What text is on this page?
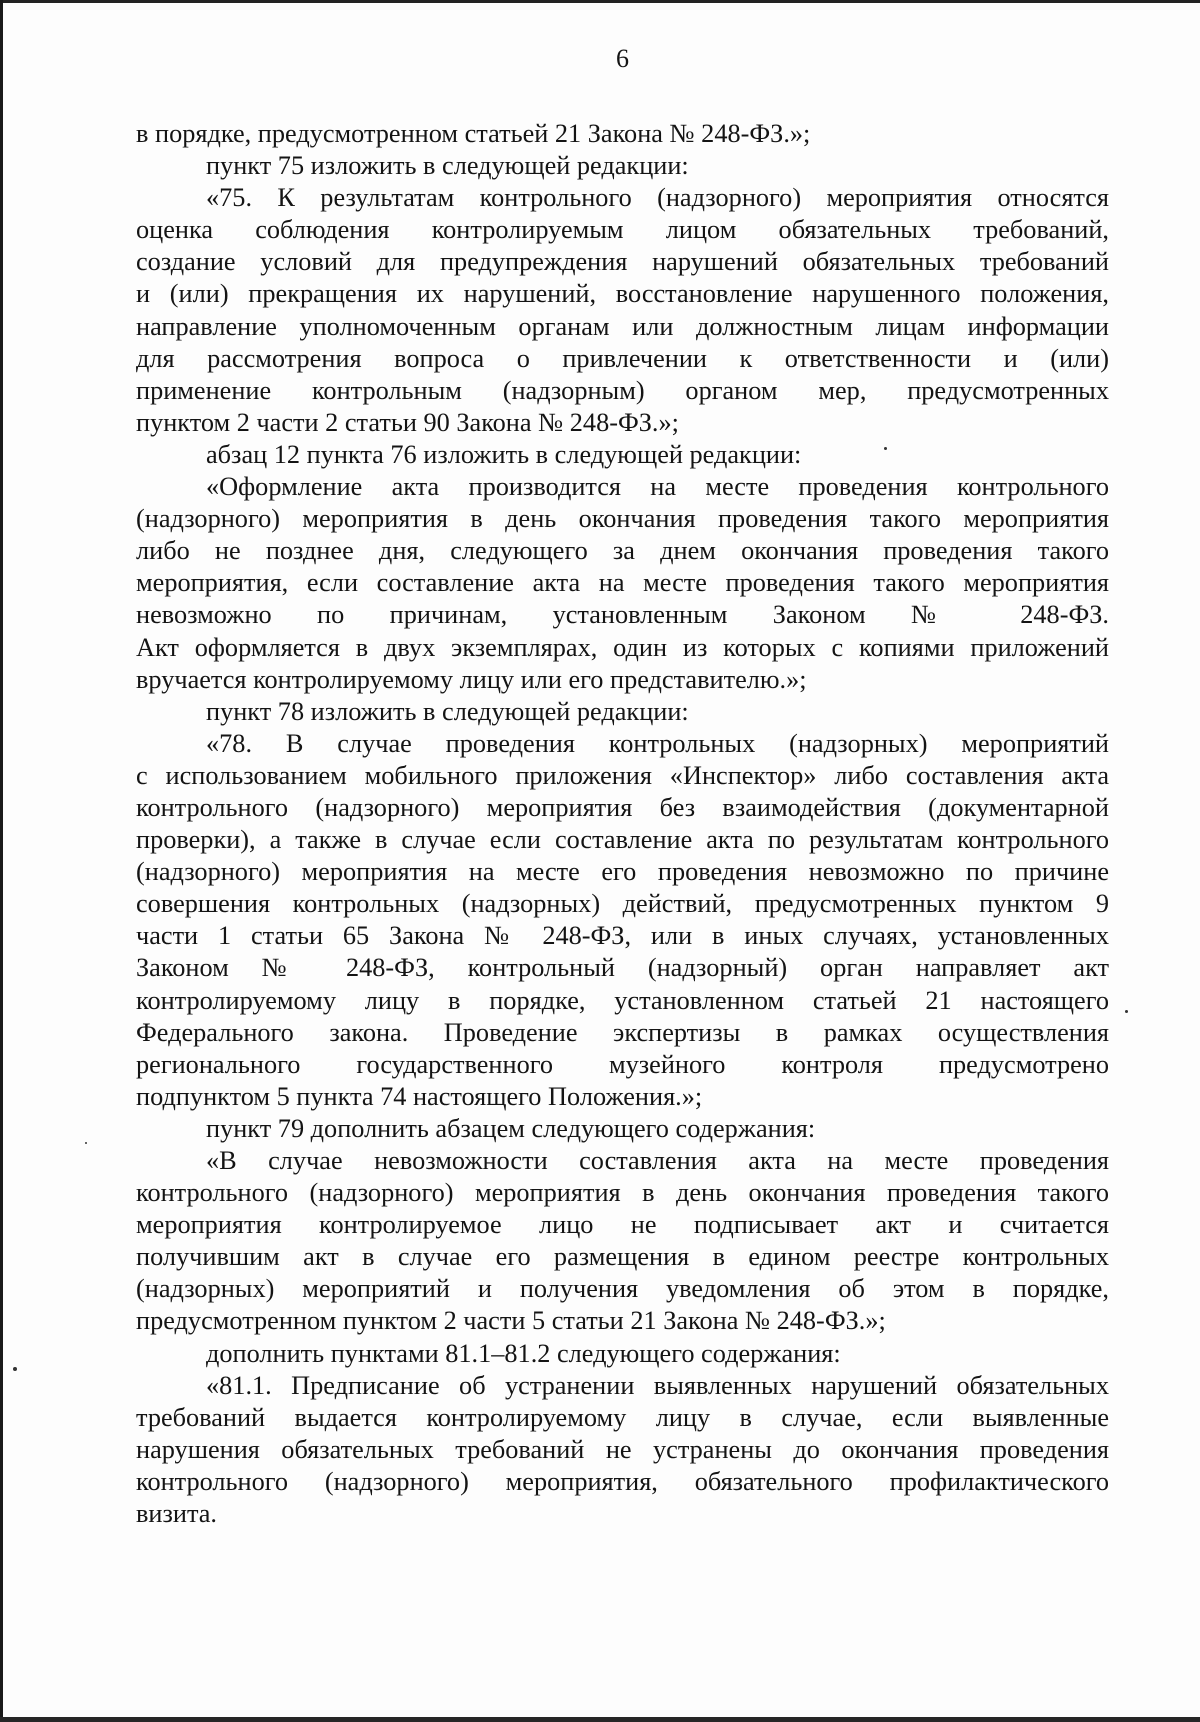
6

в порядке, предусмотренном статьей 21 Закона № 248-ФЗ.»;

пункт 75 изложить в следующей редакции:

«75. К результатам контрольного (надзорного) мероприятия относятся

оценка соблюдения контролируемым лицом обязательных требований,

создание условий для предупреждения нарушений обязательных требований

и (или) прекращения их нарушений, восстановление нарушенного положения,

направление уполномоченным органам или должностным лицам информации

для рассмотрения вопроса о привлечении к ответственности и (или)

применение контрольным (надзорным) органом мер, предусмотренных

пунктом 2 части 2 статьи 90 Закона № 248-ФЗ.»;

абзац 12 пункта 76 изложить в следующей редакции:

«Оформление акта производится на месте проведения контрольного

(надзорного) мероприятия в день окончания проведения такого мероприятия

либо не позднее дня, следующего за днем окончания проведения такого

мероприятия, если составление акта на месте проведения такого мероприятия

невозможно по причинам, установленным Законом № 248-ФЗ.

Акт оформляется в двух экземплярах, один из которых с копиями приложений

вручается контролируемому лицу или его представителю.»;

пункт 78 изложить в следующей редакции:

«78. В случае проведения контрольных (надзорных) мероприятий

с использованием мобильного приложения «Инспектор» либо составления акта

контрольного (надзорного) мероприятия без взаимодействия (документарной

проверки), а также в случае если составление акта по результатам контрольного

(надзорного) мероприятия на месте его проведения невозможно по причине

совершения контрольных (надзорных) действий, предусмотренных пунктом 9

части 1 статьи 65 Закона № 248-ФЗ, или в иных случаях, установленных

Законом № 248-ФЗ, контрольный (надзорный) орган направляет акт

контролируемому лицу в порядке, установленном статьей 21 настоящего

Федерального закона. Проведение экспертизы в рамках осуществления

регионального государственного музейного контроля предусмотрено

подпунктом 5 пункта 74 настоящего Положения.»;

пункт 79 дополнить абзацем следующего содержания:

«В случае невозможности составления акта на месте проведения

контрольного (надзорного) мероприятия в день окончания проведения такого

мероприятия контролируемое лицо не подписывает акт и считается

получившим акт в случае его размещения в едином реестре контрольных

(надзорных) мероприятий и получения уведомления об этом в порядке,

предусмотренном пунктом 2 части 5 статьи 21 Закона № 248-ФЗ.»;

дополнить пунктами 81.1–81.2 следующего содержания:

«81.1. Предписание об устранении выявленных нарушений обязательных

требований выдается контролируемому лицу в случае, если выявленные

нарушения обязательных требований не устранены до окончания проведения

контрольного (надзорного) мероприятия, обязательного профилактического

визита.
